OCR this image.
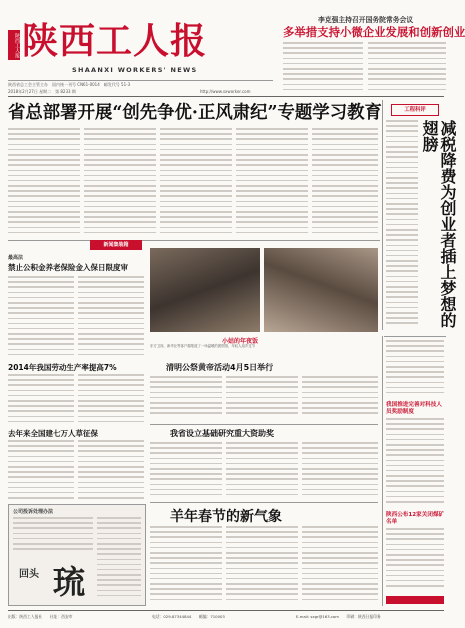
陕西工人报
SHAANXI WORKERS' NEWS
陕西工人报
陕西省总工会主管主办　国内统一刊号 CN61-0014　邮发代号 51-3
2018年2月27日 星期二　第 8233 期	http://www.sxworker.com
李克强主持召开国务院常务会议
多举措支持小微企业发展和创新创业
省总部署开展“创先争优·正风肃纪”专题学习教育	工程科评
减税降费为创业者插上梦想的翅膀
新闻集装箱
最高法
禁止公积金养老保险金入保日限度审
2014年我国劳动生产率提高7%
去年来全国建七万人草征保
公司投诉处理办法
回头 琉
小姑的年夜饭
东方卫视、新华社等客户端报道了一场温暖的团圆饭，年轻人返乡过节
清明公祭黄帝活动4月5日举行
我省设立基础研究重大资助奖
羊年春节的新气象
我国推进完善对科技人员奖励制度
陕西公布12家关闭煤矿名单
出版：陕西工人报社　　社址：西安市	电话：029-87344844　　邮编：710003	E-mail: sxgr@163.com　　印刷：陕西日报印务
